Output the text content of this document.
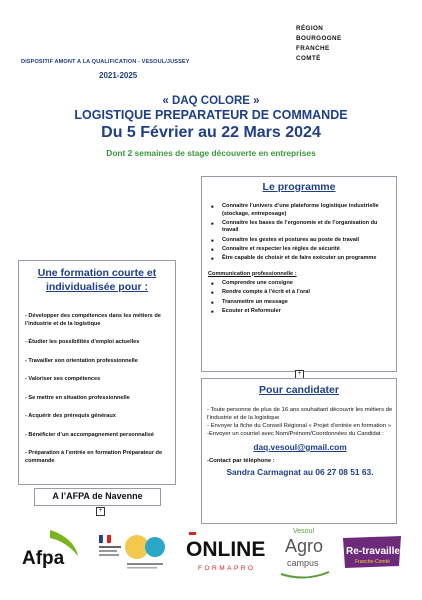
RÉGION
BOURGOGNE
FRANCHE
COMTÉ
DISPOSITIF AMONT A LA QUALIFICATION - VESOUL/JUSSEY
2021-2025
« DAQ COLORE »
LOGISTIQUE PREPARATEUR DE COMMANDE
Du 5 Février au 22 Mars 2024
Dont 2 semaines de stage découverte en entreprises
Une formation courte et individualisée pour :
- Développer des compétences dans les métiers de l’industrie et de la logistique
- Étudier les possibilités d’emploi actuelles
- Travailler son orientation professionnelle
- Valoriser ses compétences
- Se mettre en situation professionnelle
- Acquérir des prérequis généraux
- Bénéficier d’un accompagnement personnalisé
- Préparation à l’entrée en formation Préparateur de commande
A l’AFPA de Navenne
+
Le programme
■ Connaitre l’univers d’une plateforme logistique industrielle (stockage, entreposage)
■ Connaitre les bases de l’ergonomie et de l’organisation du travail
■ Connaitre les gestes et postures au poste de travail
■ Connaître et respecter les règles de sécurité
■ Être capable de choisir et de faire exécuter un programme
Communication professionnelle :
■ Comprendre une consigne
■ Rendre compte à l’écrit et à l’oral
■ Transmettre un message
■ Ecouter et Reformuler
+
Pour candidater
- Toute personne de plus de 16 ans souhaitant découvrir les métiers de l’industrie et de la logistique
- Envoyer la fiche du Conseil Régional « Projet d’entrée en formation »
-Envoyer un courriel avec Nom/Prénom/Coordonnées du Candidat :
daq.vesoul@gmail.com
-Contact par téléphone :
Sandra Carmagnat au 06 27 08 51 63.
Afpa	ONLINE
FORMAPRO
Vesoul
Agro
campus
Re-travailler
Franche-Comté
